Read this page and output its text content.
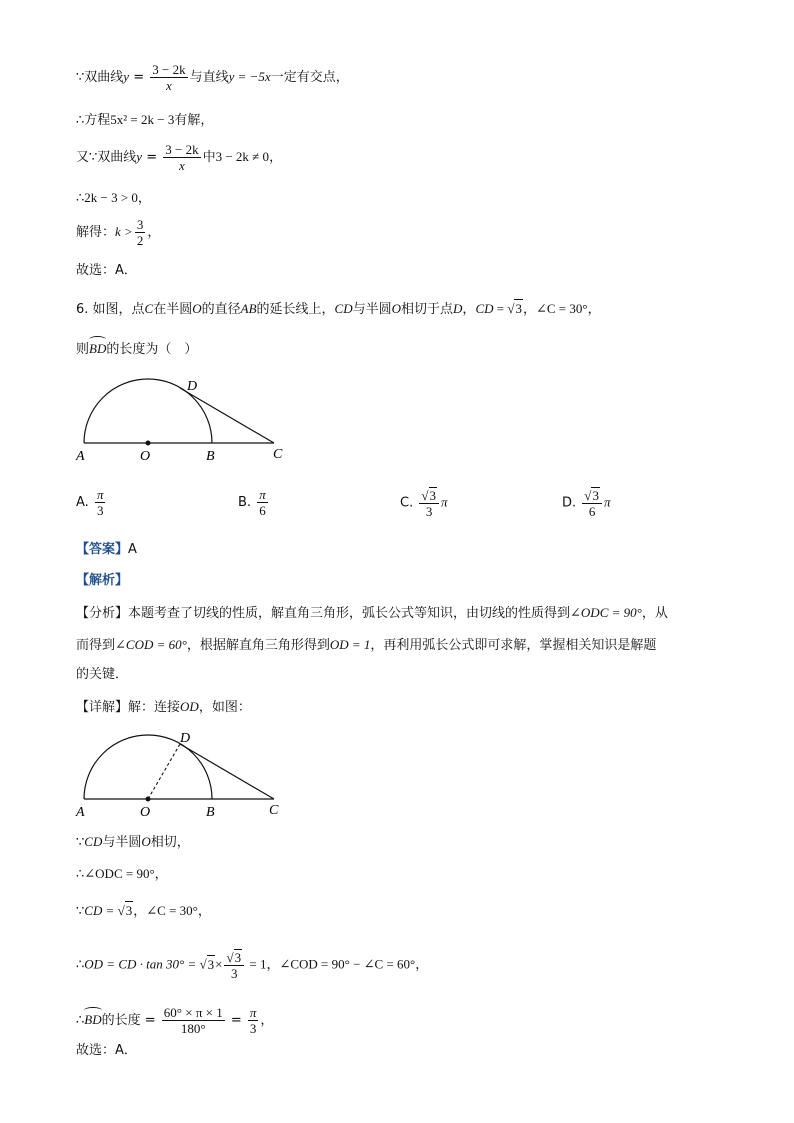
∵双曲线$y = \frac{3 - 2k}{x}$ 与直线y = −5x一定有交点，
∴方程5x² = 2k − 3有解，
又∵双曲线$y = \frac{3 - 2k}{x}$ 中3 − 2k ≠ 0，
∴2k − 3 > 0，
解得：$k > \frac{3}{2}$ ，
故选：A．
6. 如图，点C在半圆O的直径AB的延长线上，CD与半圆O相切于点D，CD = √3，∠C = 30°，
则BD的长度为（　）
A	O	B	C
D
A. $\frac{\pi}{3}$	B. $\frac{\pi}{6}$	C. $\frac{√3}{3}$ π	D. $\frac{√3}{6}$ π
【答案】A
【解析】
【分析】本题考查了切线的性质，解直角三角形，弧长公式等知识，由切线的性质得到∠ODC = 90°，从
而得到∠COD = 60°，根据解直角三角形得到OD = 1，再利用弧长公式即可求解，掌握相关知识是解题
的关键．
【详解】解：连接OD，如图：
A	O	B	C
D
∵CD与半圆O相切，
∴∠ODC = 90°，
∵CD = √3，∠C = 30°，
∴OD = CD · $\tan 30^\circ = √3\times \frac{√3}{3} = 1$，∠COD = 90° − ∠C = 60°，
∴BD的长度 = $\frac{60^\circ \times \pi \times 1}{180^\circ} = \frac{\pi}{3}$ ，
故选：A．
